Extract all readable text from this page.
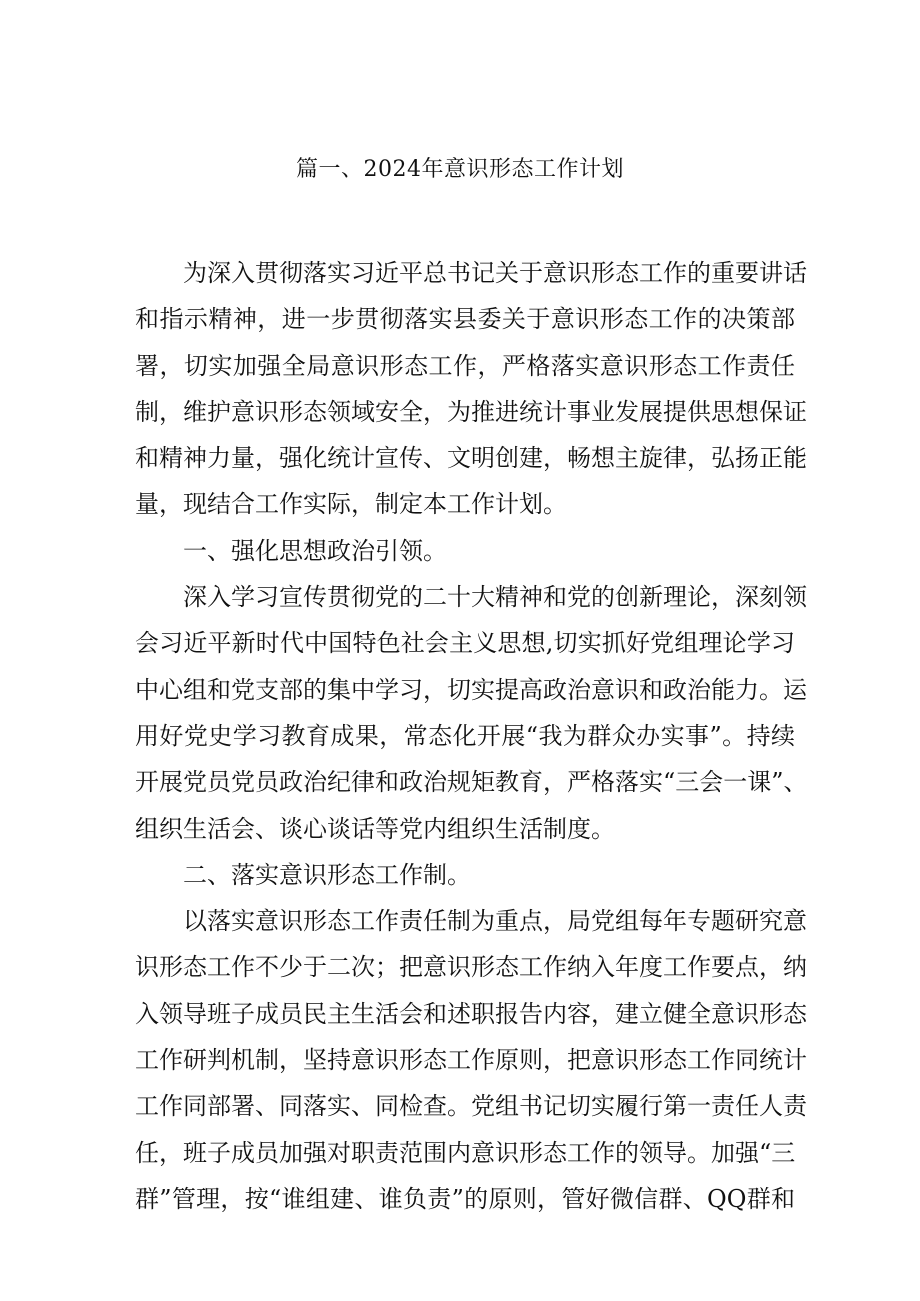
篇一、2024年意识形态工作计划
为深入贯彻落实习近平总书记关于意识形态工作的重要讲话
和指示精神，进一步贯彻落实县委关于意识形态工作的决策部
署，切实加强全局意识形态工作，严格落实意识形态工作责任
制，维护意识形态领域安全，为推进统计事业发展提供思想保证
和精神力量，强化统计宣传、文明创建，畅想主旋律，弘扬正能
量，现结合工作实际，制定本工作计划。
一、强化思想政治引领。
深入学习宣传贯彻党的二十大精神和党的创新理论，深刻领
会习近平新时代中国特色社会主义思想,切实抓好党组理论学习
中心组和党支部的集中学习，切实提高政治意识和政治能力。运
用好党史学习教育成果，常态化开展“我为群众办实事”。持续
开展党员党员政治纪律和政治规矩教育，严格落实“三会一课”、
组织生活会、谈心谈话等党内组织生活制度。
二、落实意识形态工作制。
以落实意识形态工作责任制为重点，局党组每年专题研究意
识形态工作不少于二次；把意识形态工作纳入年度工作要点，纳
入领导班子成员民主生活会和述职报告内容，建立健全意识形态
工作研判机制，坚持意识形态工作原则，把意识形态工作同统计
工作同部署、同落实、同检查。党组书记切实履行第一责任人责
任，班子成员加强对职责范围内意识形态工作的领导。加强“三
群”管理，按“谁组建、谁负责”的原则，管好微信群、QQ群和
